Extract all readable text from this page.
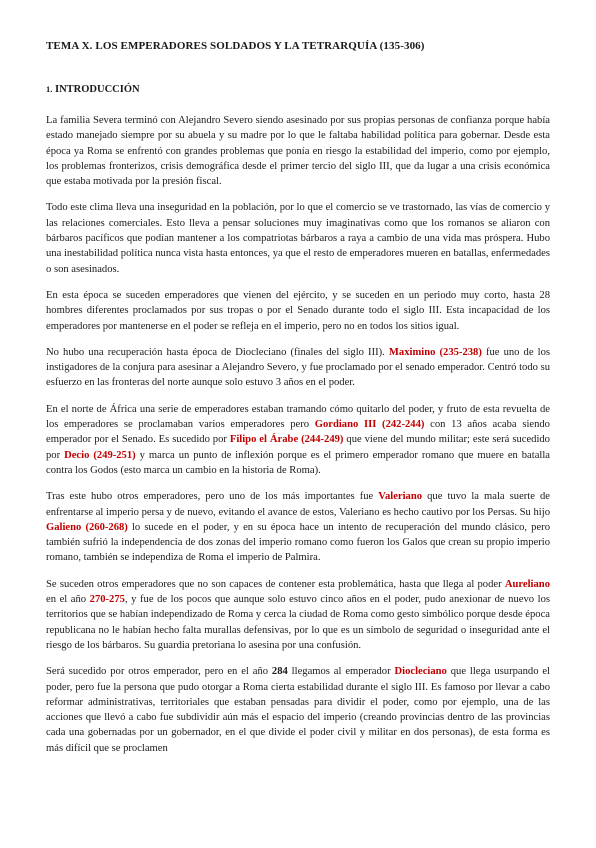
TEMA X. LOS EMPERADORES SOLDADOS Y LA TETRARQUÍA (135-306)
1. INTRODUCCIÓN

La familia Severa terminó con Alejandro Severo siendo asesinado por sus propias personas de confianza porque había estado manejado siempre por su abuela y su madre por lo que le faltaba habilidad política para gobernar. Desde esta época ya Roma se enfrentó con grandes problemas que ponía en riesgo la estabilidad del imperio, como por ejemplo, los problemas fronterizos, crisis demográfica desde el primer tercio del siglo III, que da lugar a una crisis económica que estaba motivada por la presión fiscal.

Todo este clima lleva una inseguridad en la población, por lo que el comercio se ve trastornado, las vías de comercio y las relaciones comerciales. Esto lleva a pensar soluciones muy imaginativas como que los romanos se aliaron con bárbaros pacíficos que podían mantener a los compatriotas bárbaros a raya a cambio de una vida mas próspera. Hubo una inestabilidad política nunca vista hasta entonces, ya que el resto de emperadores mueren en batallas, enfermedades o son asesinados.

En esta época se suceden emperadores que vienen del ejército, y se suceden en un periodo muy corto, hasta 28 hombres diferentes proclamados por sus tropas o por el Senado durante todo el siglo III. Esta incapacidad de los emperadores por mantenerse en el poder se refleja en el imperio, pero no en todos los sitios igual.

No hubo una recuperación hasta época de Diocleciano (finales del siglo III). Maximino (235-238) fue uno de los instigadores de la conjura para asesinar a Alejandro Severo, y fue proclamado por el senado emperador. Centró todo su esfuerzo en las fronteras del norte aunque solo estuvo 3 años en el poder.

En el norte de África una serie de emperadores estaban tramando cómo quitarlo del poder, y fruto de esta revuelta de los emperadores se proclamaban varios emperadores pero Gordiano III (242-244) con 13 años acaba siendo emperador por el Senado. Es sucedido por Filipo el Árabe (244-249) que viene del mundo militar; este será sucedido por Decio (249-251) y marca un punto de inflexión porque es el primero emperador romano que muere en batalla contra los Godos (esto marca un cambio en la historia de Roma).

Tras este hubo otros emperadores, pero uno de los más importantes fue Valeriano que tuvo la mala suerte de enfrentarse al imperio persa y de nuevo, evitando el avance de estos, Valeriano es hecho cautivo por los Persas. Su hijo Galieno (260-268) lo sucede en el poder, y en su época hace un intento de recuperación del mundo clásico, pero también sufrió la independencia de dos zonas del imperio romano como fueron los Galos que crean su propio imperio romano, también se independiza de Roma el imperio de Palmira.

Se suceden otros emperadores que no son capaces de contener esta problemática, hasta que llega al poder Aureliano en el año 270-275, y fue de los pocos que aunque solo estuvo cinco años en el poder, pudo anexionar de nuevo los territorios que se habían independizado de Roma y cerca la ciudad de Roma como gesto simbólico porque desde época republicana no le habían hecho falta murallas defensivas, por lo que es un símbolo de seguridad o inseguridad ante el riesgo de los bárbaros. Su guardia pretoriana lo asesina por una confusión.

Será sucedido por otros emperador, pero en el año 284 llegamos al emperador Diocleciano que llega usurpando el poder, pero fue la persona que pudo otorgar a Roma cierta estabilidad durante el siglo III. Es famoso por llevar a cabo reformar administrativas, territoriales que estaban pensadas para dividir el poder, como por ejemplo, una de las acciones que llevó a cabo fue subdividir aún más el espacio del imperio (creando provincias dentro de las provincias cada una gobernadas por un gobernador, en el que divide el poder civil y militar en dos personas), de esta forma es más difícil que se proclamen
